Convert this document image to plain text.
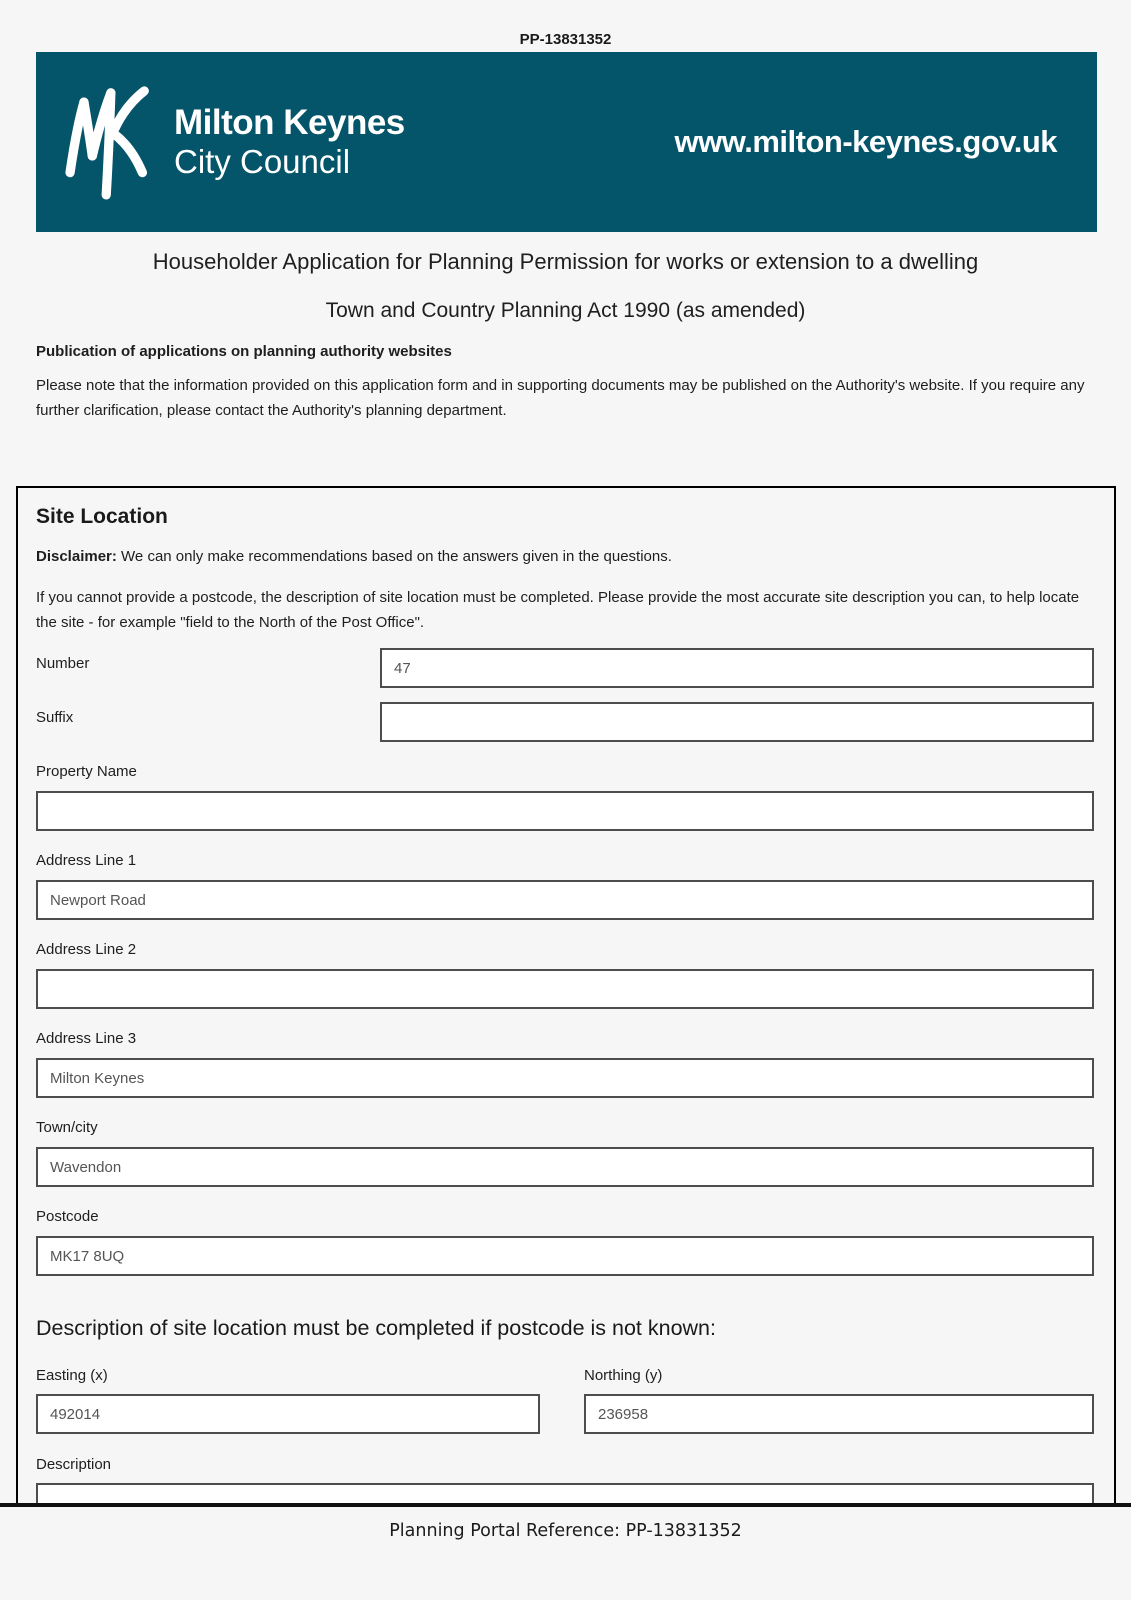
PP-13831352
Milton Keynes
City Council
www.milton-keynes.gov.uk
Householder Application for Planning Permission for works or extension to a dwelling
Town and Country Planning Act 1990 (as amended)
Publication of applications on planning authority websites

Please note that the information provided on this application form and in supporting documents may be published on the Authority's website. If you require any further clarification, please contact the Authority's planning department.

Site Location

Disclaimer: We can only make recommendations based on the answers given in the questions.

If you cannot provide a postcode, the description of site location must be completed. Please provide the most accurate site description you can, to help locate the site - for example "field to the North of the Post Office".

Number
47
Suffix
Property Name
Address Line 1
Newport Road
Address Line 2
Address Line 3
Milton Keynes
Town/city
Wavendon
Postcode
MK17 8UQ
Description of site location must be completed if postcode is not known:
Easting (x)
492014	Northing (y)
236958
Description
Planning Portal Reference: PP-13831352
